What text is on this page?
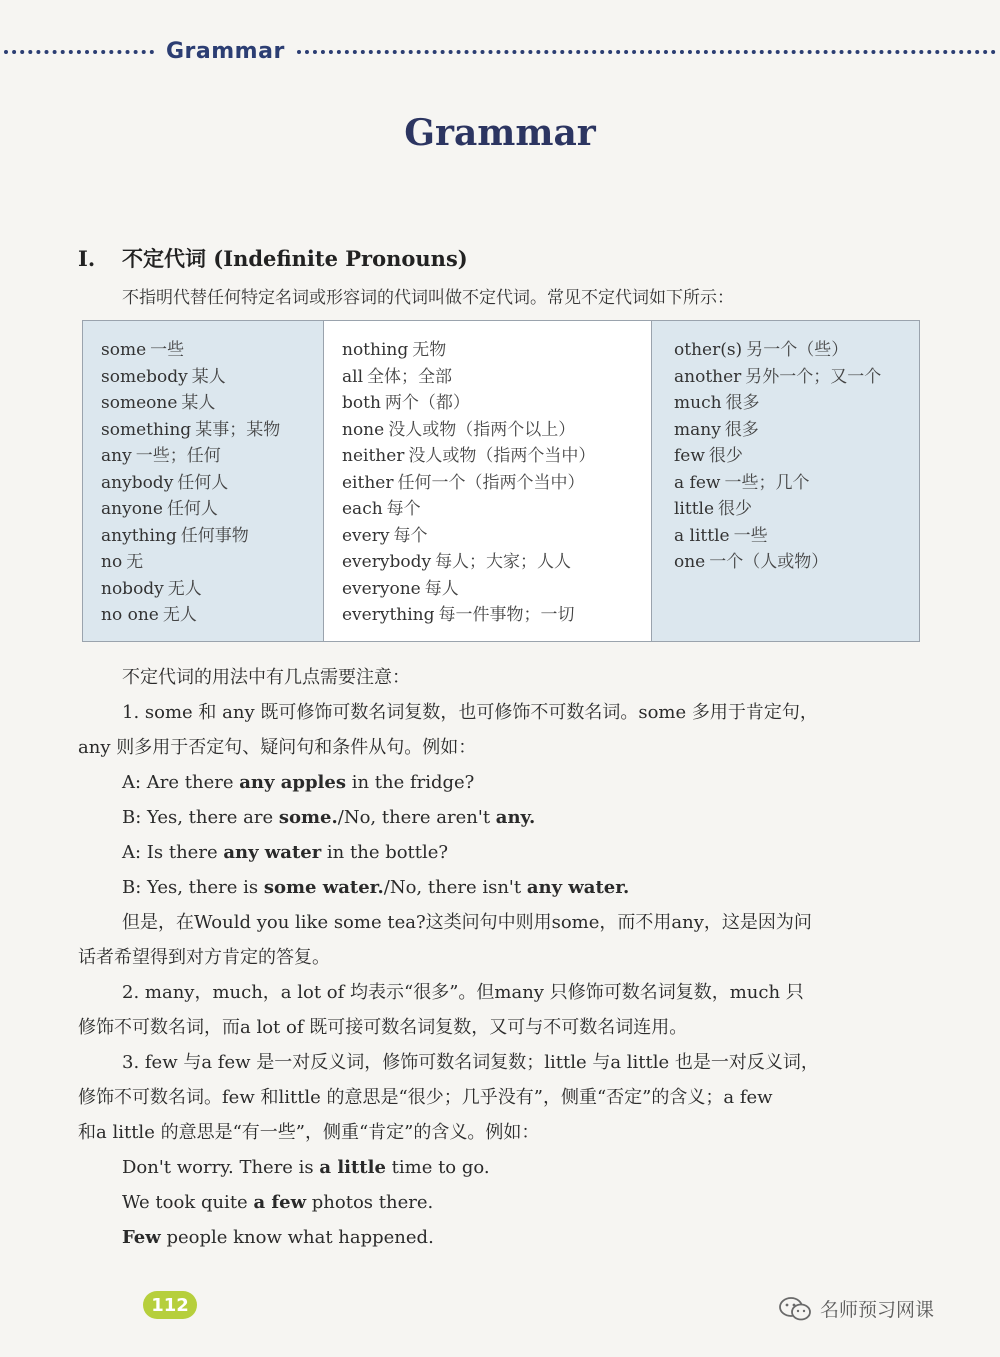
Grammar
Grammar
I. 不定代词 (Indefinite Pronouns)
不指明代替任何特定名词或形容词的代词叫做不定代词。常见不定代词如下所示：
some 一些
somebody 某人
someone 某人
something 某事；某物
any 一些；任何
anybody 任何人
anyone 任何人
anything 任何事物
no 无
nobody 无人
no one 无人
nothing 无物
all 全体；全部
both 两个（都）
none 没人或物（指两个以上）
neither 没人或物（指两个当中）
either 任何一个（指两个当中）
each 每个
every 每个
everybody 每人；大家；人人
everyone 每人
everything 每一件事物；一切
other(s) 另一个（些）
another 另外一个；又一个
much 很多
many 很多
few 很少
a few 一些；几个
little 很少
a little 一些
one 一个（人或物）

不定代词的用法中有几点需要注意：

1. some 和 any 既可修饰可数名词复数，也可修饰不可数名词。some 多用于肯定句，

any 则多用于否定句、疑问句和条件从句。例如：

A: Are there any apples in the fridge?

B: Yes, there are some./No, there aren't any.

A: Is there any water in the bottle?

B: Yes, there is some water./No, there isn't any water.

但是，在Would you like some tea?这类问句中则用some，而不用any，这是因为问

话者希望得到对方肯定的答复。

2. many，much，a lot of 均表示“很多”。但many 只修饰可数名词复数，much 只

修饰不可数名词，而a lot of 既可接可数名词复数，又可与不可数名词连用。

3. few 与a few 是一对反义词，修饰可数名词复数；little 与a little 也是一对反义词，

修饰不可数名词。few 和little 的意思是“很少；几乎没有”，侧重“否定”的含义；a few

和a little 的意思是“有一些”，侧重“肯定”的含义。例如：

Don't worry. There is a little time to go.

We took quite a few photos there.

Few people know what happened.

112	名师预习网课
